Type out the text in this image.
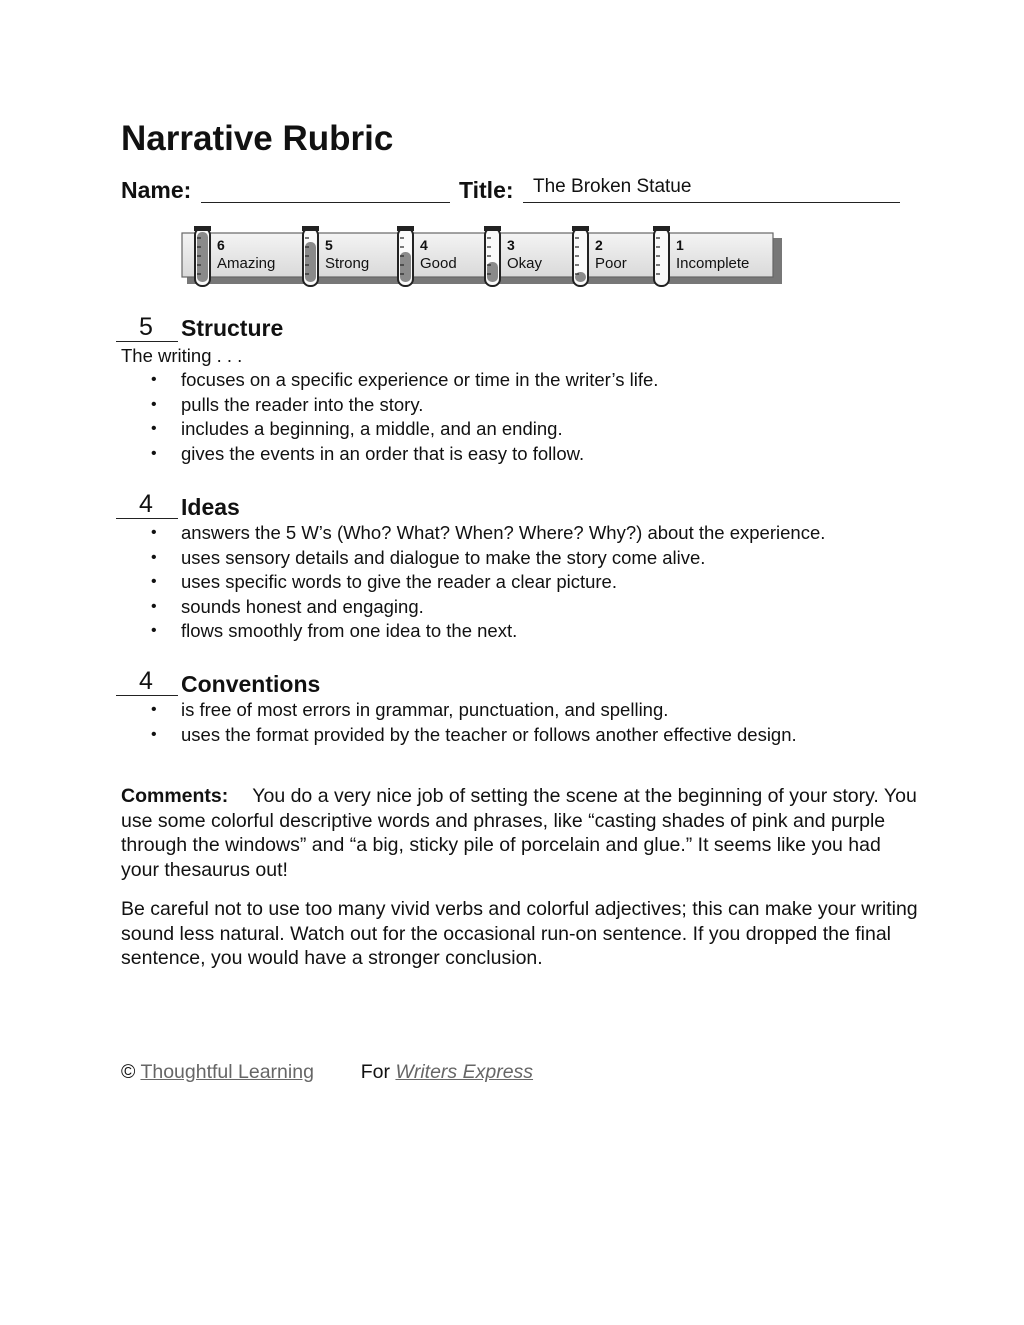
Narrative Rubric
Name:	Title: The Broken Statue
6
Amazing
5
Strong
4
Good
3
Okay
2
Poor
1
Incomplete
5	Structure
The writing . . .
• focuses on a specific experience or time in the writer’s life.
• pulls the reader into the story.
• includes a beginning, a middle, and an ending.
• gives the events in an order that is easy to follow.
4	Ideas
• answers the 5 W’s (Who? What? When? Where? Why?) about the experience.
• uses sensory details and dialogue to make the story come alive.
• uses specific words to give the reader a clear picture.
• sounds honest and engaging.
• flows smoothly from one idea to the next.
4	Conventions
• is free of most errors in grammar, punctuation, and spelling.
• uses the format provided by the teacher or follows another effective design.

Comments: You do a very nice job of setting the scene at the beginning of your story. You use some colorful descriptive words and phrases, like “casting shades of pink and purple through the windows” and “a big, sticky pile of porcelain and glue.” It seems like you had your thesaurus out!

Be careful not to use too many vivid verbs and colorful adjectives; this can make your writing sound less natural. Watch out for the occasional run-on sentence. If you dropped the final sentence, you would have a stronger conclusion.

© Thoughtful Learning For Writers Express
